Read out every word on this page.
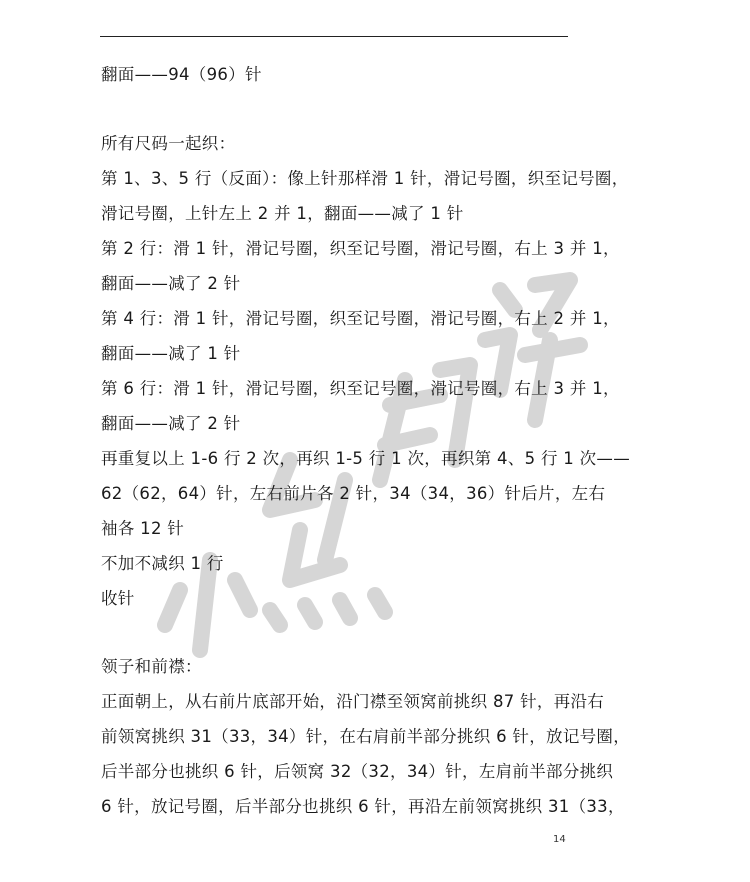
翻面——94（96）针
所有尺码一起织：
第 1、3、5 行（反面）：像上针那样滑 1 针，滑记号圈，织至记号圈，
滑记号圈，上针左上 2 并 1，翻面——减了 1 针
第 2 行：滑 1 针，滑记号圈，织至记号圈，滑记号圈，右上 3 并 1，
翻面——减了 2 针
第 4 行：滑 1 针，滑记号圈，织至记号圈，滑记号圈，右上 2 并 1，
翻面——减了 1 针
第 6 行：滑 1 针，滑记号圈，织至记号圈，滑记号圈，右上 3 并 1，
翻面——减了 2 针
再重复以上 1-6 行 2 次，再织 1-5 行 1 次，再织第 4、5 行 1 次——
62（62，64）针，左右前片各 2 针，34（34，36）针后片，左右
袖各 12 针
不加不减织 1 行
收针
领子和前襟：
正面朝上，从右前片底部开始，沿门襟至领窝前挑织 87 针，再沿右
前领窝挑织 31（33，34）针，在右肩前半部分挑织 6 针，放记号圈，
后半部分也挑织 6 针，后领窝 32（32，34）针，左肩前半部分挑织
6 针，放记号圈，后半部分也挑织 6 针，再沿左前领窝挑织 31（33，
14
